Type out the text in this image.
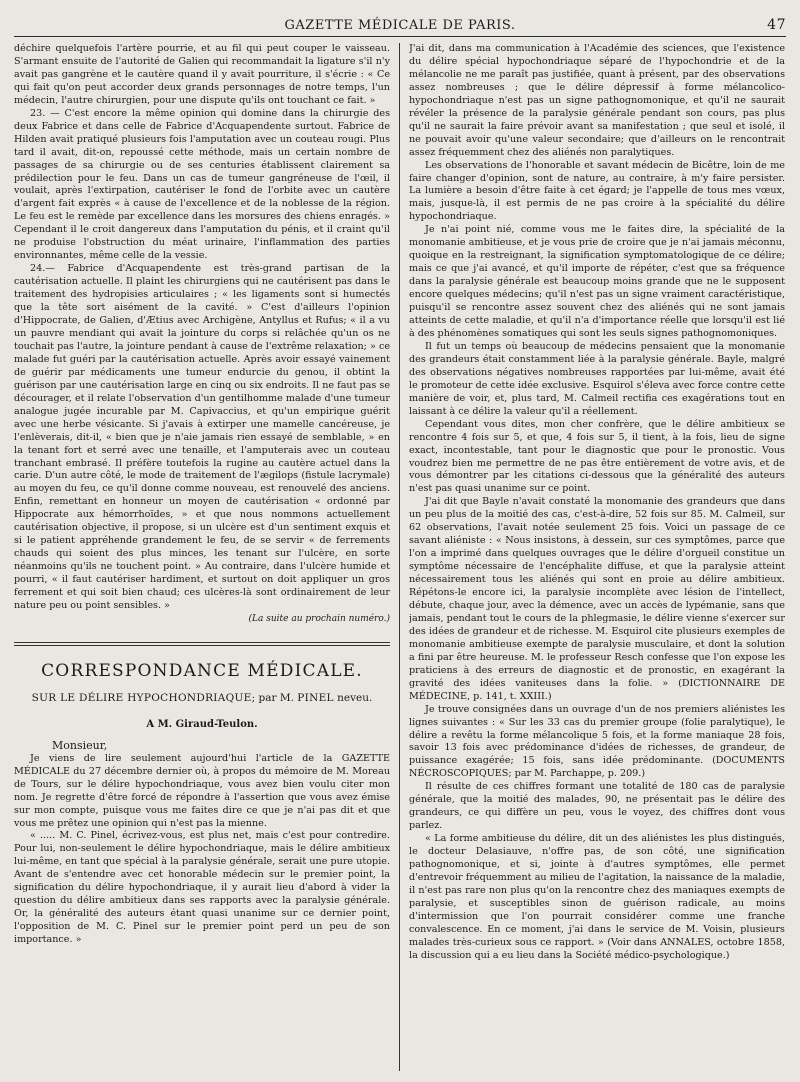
GAZETTE MÉDICALE DE PARIS.	47

déchire quelquefois l'artère pourrie, et au fil qui peut couper le vaisseau. S'armant ensuite de l'autorité de Galien qui recommandait la ligature s'il n'y avait pas gangrène et le cautère quand il y avait pourriture, il s'écrie : « Ce qui fait qu'on peut accorder deux grands personnages de notre temps, l'un médecin, l'autre chirurgien, pour une dispute qu'ils ont touchant ce fait. »

23. — C'est encore la même opinion qui domine dans la chirurgie des deux Fabrice et dans celle de Fabrice d'Acquapendente surtout. Fabrice de Hilden avait pratiqué plusieurs fois l'amputation avec un couteau rougi. Plus tard il avait, dit-on, repoussé cette méthode, mais un certain nombre de passages de sa chirurgie ou de ses centuries établissent clairement sa prédilection pour le feu. Dans un cas de tumeur gangréneuse de l'œil, il voulait, après l'extirpation, cautériser le fond de l'orbite avec un cautère d'argent fait exprès « à cause de l'excellence et de la noblesse de la région. Le feu est le remède par excellence dans les morsures des chiens enragés. » Cependant il le croit dangereux dans l'amputation du pénis, et il craint qu'il ne produise l'obstruction du méat urinaire, l'inflammation des parties environnantes, même celle de la vessie.

24.— Fabrice d'Acquapendente est très-grand partisan de la cautérisation actuelle. Il plaint les chirurgiens qui ne cautérisent pas dans le traitement des hydropisies articulaires ; « les ligaments sont si humectés que la tête sort aisément de la cavité. » C'est d'ailleurs l'opinion d'Hippocrate, de Galien, d'Ætius avec Archigène, Antyllus et Rufus; « il a vu un pauvre mendiant qui avait la jointure du corps si relâchée qu'un os ne touchait pas l'autre, la jointure pendant à cause de l'extrême relaxation; » ce malade fut guéri par la cautérisation actuelle. Après avoir essayé vainement de guérir par médicaments une tumeur endurcie du genou, il obtint la guérison par une cautérisation large en cinq ou six endroits. Il ne faut pas se décourager, et il relate l'observation d'un gentilhomme malade d'une tumeur analogue jugée incurable par M. Capivaccius, et qu'un empirique guérit avec une herbe vésicante. Si j'avais à extirper une mamelle cancéreuse, je l'enlèverais, dit-il, « bien que je n'aie jamais rien essayé de semblable, » en la tenant fort et serré avec une tenaille, et l'amputerais avec un couteau tranchant embrasé. Il préfère toutefois la rugine au cautère actuel dans la carie. D'un autre côté, le mode de traitement de l'ægilops (fistule lacrymale) au moyen du feu, ce qu'il donne comme nouveau, est renouvelé des anciens. Enfin, remettant en honneur un moyen de cautérisation « ordonné par Hippocrate aux hémorrhoïdes, » et que nous nommons actuellement cautérisation objective, il propose, si un ulcère est d'un sentiment exquis et si le patient appréhende grandement le feu, de se servir « de ferrements chauds qui soient des plus minces, les tenant sur l'ulcère, en sorte néanmoins qu'ils ne touchent point. » Au contraire, dans l'ulcère humide et pourri, « il faut cautériser hardiment, et surtout on doit appliquer un gros ferrement et qui soit bien chaud; ces ulcères-là sont ordinairement de leur nature peu ou point sensibles. »

(La suite au prochain numéro.)

CORRESPONDANCE MÉDICALE.
SUR LE DÉLIRE HYPOCHONDRIAQUE; par M. PINEL neveu.
A M. Giraud-Teulon.

Monsieur,

Je viens de lire seulement aujourd'hui l'article de la GAZETTE MÉDICALE du 27 décembre dernier où, à propos du mémoire de M. Moreau de Tours, sur le délire hypochondriaque, vous avez bien voulu citer mon nom. Je regrette d'être forcé de répondre à l'assertion que vous avez émise sur mon compte, puisque vous me faites dire ce que je n'ai pas dit et que vous me prêtez une opinion qui n'est pas la mienne.

« ..... M. C. Pinel, écrivez-vous, est plus net, mais c'est pour contredire. Pour lui, non-seulement le délire hypochondriaque, mais le délire ambitieux lui-même, en tant que spécial à la paralysie générale, serait une pure utopie. Avant de s'entendre avec cet honorable médecin sur le premier point, la signification du délire hypochondriaque, il y aurait lieu d'abord à vider la question du délire ambitieux dans ses rapports avec la paralysie générale. Or, la généralité des auteurs étant quasi unanime sur ce dernier point, l'opposition de M. C. Pinel sur le premier point perd un peu de son importance. »

J'ai dit, dans ma communication à l'Académie des sciences, que l'existence du délire spécial hypochondriaque séparé de l'hypochondrie et de la mélancolie ne me paraît pas justifiée, quant à présent, par des observations assez nombreuses ; que le délire dépressif à forme mélancolico-hypochondriaque n'est pas un signe pathognomonique, et qu'il ne saurait révéler la présence de la paralysie générale pendant son cours, pas plus qu'il ne saurait la faire prévoir avant sa manifestation ; que seul et isolé, il ne pouvait avoir qu'une valeur secondaire; que d'ailleurs on le rencontrait assez fréquemment chez des aliénés non paralytiques.

Les observations de l'honorable et savant médecin de Bicêtre, loin de me faire changer d'opinion, sont de nature, au contraire, à m'y faire persister. La lumière a besoin d'être faite à cet égard; je l'appelle de tous mes vœux, mais, jusque-là, il est permis de ne pas croire à la spécialité du délire hypochondriaque.

Je n'ai point nié, comme vous me le faites dire, la spécialité de la monomanie ambitieuse, et je vous prie de croire que je n'ai jamais méconnu, quoique en la restreignant, la signification symptomatologique de ce délire; mais ce que j'ai avancé, et qu'il importe de répéter, c'est que sa fréquence dans la paralysie générale est beaucoup moins grande que ne le supposent encore quelques médecins; qu'il n'est pas un signe vraiment caractéristique, puisqu'il se rencontre assez souvent chez des aliénés qui ne sont jamais atteints de cette maladie, et qu'il n'a d'importance réelle que lorsqu'il est lié à des phénomènes somatiques qui sont les seuls signes pathognomoniques.

Il fut un temps où beaucoup de médecins pensaient que la monomanie des grandeurs était constamment liée à la paralysie générale. Bayle, malgré des observations négatives nombreuses rapportées par lui-même, avait été le promoteur de cette idée exclusive. Esquirol s'éleva avec force contre cette manière de voir, et, plus tard, M. Calmeil rectifia ces exagérations tout en laissant à ce délire la valeur qu'il a réellement.

Cependant vous dites, mon cher confrère, que le délire ambitieux se rencontre 4 fois sur 5, et que, 4 fois sur 5, il tient, à la fois, lieu de signe exact, incontestable, tant pour le diagnostic que pour le pronostic. Vous voudrez bien me permettre de ne pas être entièrement de votre avis, et de vous démontrer par les citations ci-dessous que la généralité des auteurs n'est pas quasi unanime sur ce point.

J'ai dit que Bayle n'avait constaté la monomanie des grandeurs que dans un peu plus de la moitié des cas, c'est-à-dire, 52 fois sur 85. M. Calmeil, sur 62 observations, l'avait notée seulement 25 fois. Voici un passage de ce savant aliéniste : « Nous insistons, à dessein, sur ces symptômes, parce que l'on a imprimé dans quelques ouvrages que le délire d'orgueil constitue un symptôme nécessaire de l'encéphalite diffuse, et que la paralysie atteint nécessairement tous les aliénés qui sont en proie au délire ambitieux. Répétons-le encore ici, la paralysie incomplète avec lésion de l'intellect, débute, chaque jour, avec la démence, avec un accès de lypémanie, sans que jamais, pendant tout le cours de la phlegmasie, le délire vienne s'exercer sur des idées de grandeur et de richesse. M. Esquirol cite plusieurs exemples de monomanie ambitieuse exempte de paralysie musculaire, et dont la solution a fini par être heureuse. M. le professeur Resch confesse que l'on expose les praticiens à des erreurs de diagnostic et de pronostic, en exagérant la gravité des idées vaniteuses dans la folie. » (DICTIONNAIRE DE MÉDECINE, p. 141, t. XXIII.)

Je trouve consignées dans un ouvrage d'un de nos premiers aliénistes les lignes suivantes : « Sur les 33 cas du premier groupe (folie paralytique), le délire a revêtu la forme mélancolique 5 fois, et la forme maniaque 28 fois, savoir 13 fois avec prédominance d'idées de richesses, de grandeur, de puissance exagérée; 15 fois, sans idée prédominante. (DOCUMENTS NÉCROSCOPIQUES; par M. Parchappe, p. 209.)

Il résulte de ces chiffres formant une totalité de 180 cas de paralysie générale, que la moitié des malades, 90, ne présentait pas le délire des grandeurs, ce qui diffère un peu, vous le voyez, des chiffres dont vous parlez.

« La forme ambitieuse du délire, dit un des aliénistes les plus distingués, le docteur Delasiauve, n'offre pas, de son côté, une signification pathognomonique, et si, jointe à d'autres symptômes, elle permet d'entrevoir fréquemment au milieu de l'agitation, la naissance de la maladie, il n'est pas rare non plus qu'on la rencontre chez des maniaques exempts de paralysie, et susceptibles sinon de guérison radicale, au moins d'intermission que l'on pourrait considérer comme une franche convalescence. En ce moment, j'ai dans le service de M. Voisin, plusieurs malades très-curieux sous ce rapport. » (Voir dans ANNALES, octobre 1858, la discussion qui a eu lieu dans la Société médico-psychologique.)
